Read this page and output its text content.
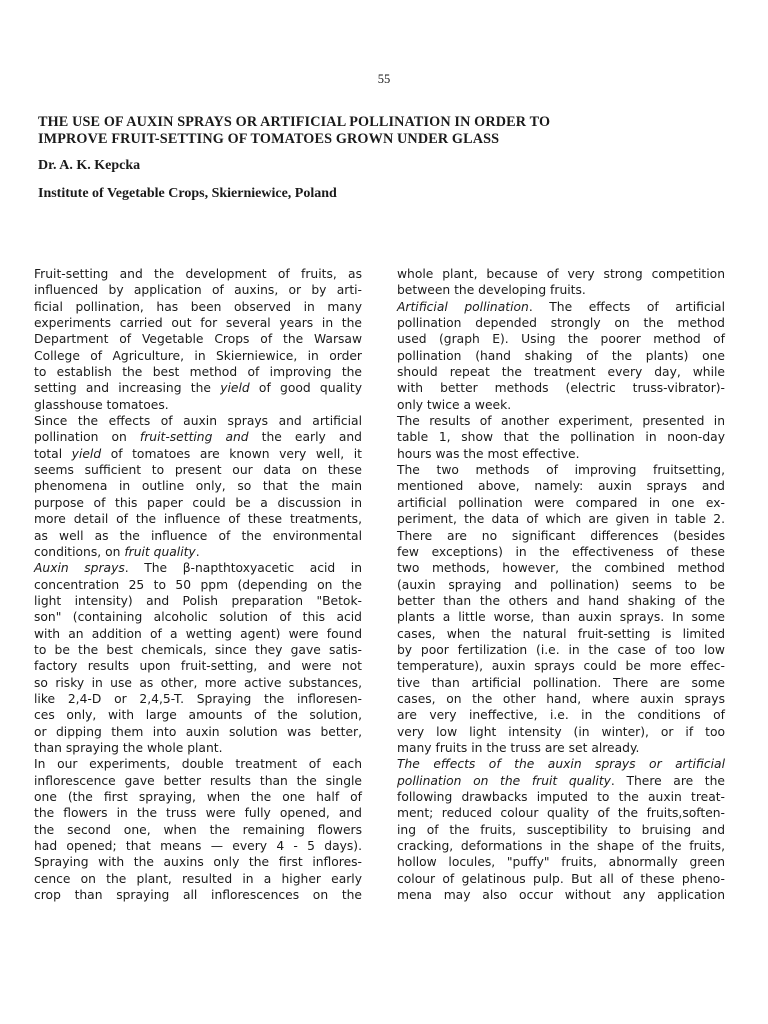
55
THE USE OF AUXIN SPRAYS OR ARTIFICIAL POLLINATION IN ORDER TO
IMPROVE FRUIT-SETTING OF TOMATOES GROWN UNDER GLASS

Dr. A. K. Kepcka

Institute of Vegetable Crops, Skierniewice, Poland

Fruit-setting and the development of fruits, as
influenced by application of auxins, or by arti-
ficial pollination, has been observed in many
experiments carried out for several years in the
Department of Vegetable Crops of the Warsaw
College of Agriculture, in Skierniewice, in order
to establish the best method of improving the
setting and increasing the yield of good quality
glasshouse tomatoes.
Since the effects of auxin sprays and artificial
pollination on fruit-setting and the early and
total yield of tomatoes are known very well, it
seems sufficient to present our data on these
phenomena in outline only, so that the main
purpose of this paper could be a discussion in
more detail of the influence of these treatments,
as well as the influence of the environmental
conditions, on fruit quality.
Auxin sprays. The β-napthtoxyacetic acid in
concentration 25 to 50 ppm (depending on the
light intensity) and Polish preparation "Betok-
son" (containing alcoholic solution of this acid
with an addition of a wetting agent) were found
to be the best chemicals, since they gave satis-
factory results upon fruit-setting, and were not
so risky in use as other, more active substances,
like 2,4-D or 2,4,5-T. Spraying the infloresen-
ces only, with large amounts of the solution,
or dipping them into auxin solution was better,
than spraying the whole plant.
In our experiments, double treatment of each
inflorescence gave better results than the single
one (the first spraying, when the one half of
the flowers in the truss were fully opened, and
the second one, when the remaining flowers
had opened; that means — every 4 - 5 days).
Spraying with the auxins only the first inflores-
cence on the plant, resulted in a higher early
crop than spraying all inflorescences on the
whole plant, because of very strong competition
between the developing fruits.
Artificial pollination. The effects of artificial
pollination depended strongly on the method
used (graph E). Using the poorer method of
pollination (hand shaking of the plants) one
should repeat the treatment every day, while
with better methods (electric truss-vibrator)-
only twice a week.
The results of another experiment, presented in
table 1, show that the pollination in noon-day
hours was the most effective.
The two methods of improving fruitsetting,
mentioned above, namely: auxin sprays and
artificial pollination were compared in one ex-
periment, the data of which are given in table 2.
There are no significant differences (besides
few exceptions) in the effectiveness of these
two methods, however, the combined method
(auxin spraying and pollination) seems to be
better than the others and hand shaking of the
plants a little worse, than auxin sprays. In some
cases, when the natural fruit-setting is limited
by poor fertilization (i.e. in the case of too low
temperature), auxin sprays could be more effec-
tive than artificial pollination. There are some
cases, on the other hand, where auxin sprays
are very ineffective, i.e. in the conditions of
very low light intensity (in winter), or if too
many fruits in the truss are set already.
The effects of the auxin sprays or artificial
pollination on the fruit quality. There are the
following drawbacks imputed to the auxin treat-
ment; reduced colour quality of the fruits,soften-
ing of the fruits, susceptibility to bruising and
cracking, deformations in the shape of the fruits,
hollow locules, "puffy" fruits, abnormally green
colour of gelatinous pulp. But all of these pheno-
mena may also occur without any application
